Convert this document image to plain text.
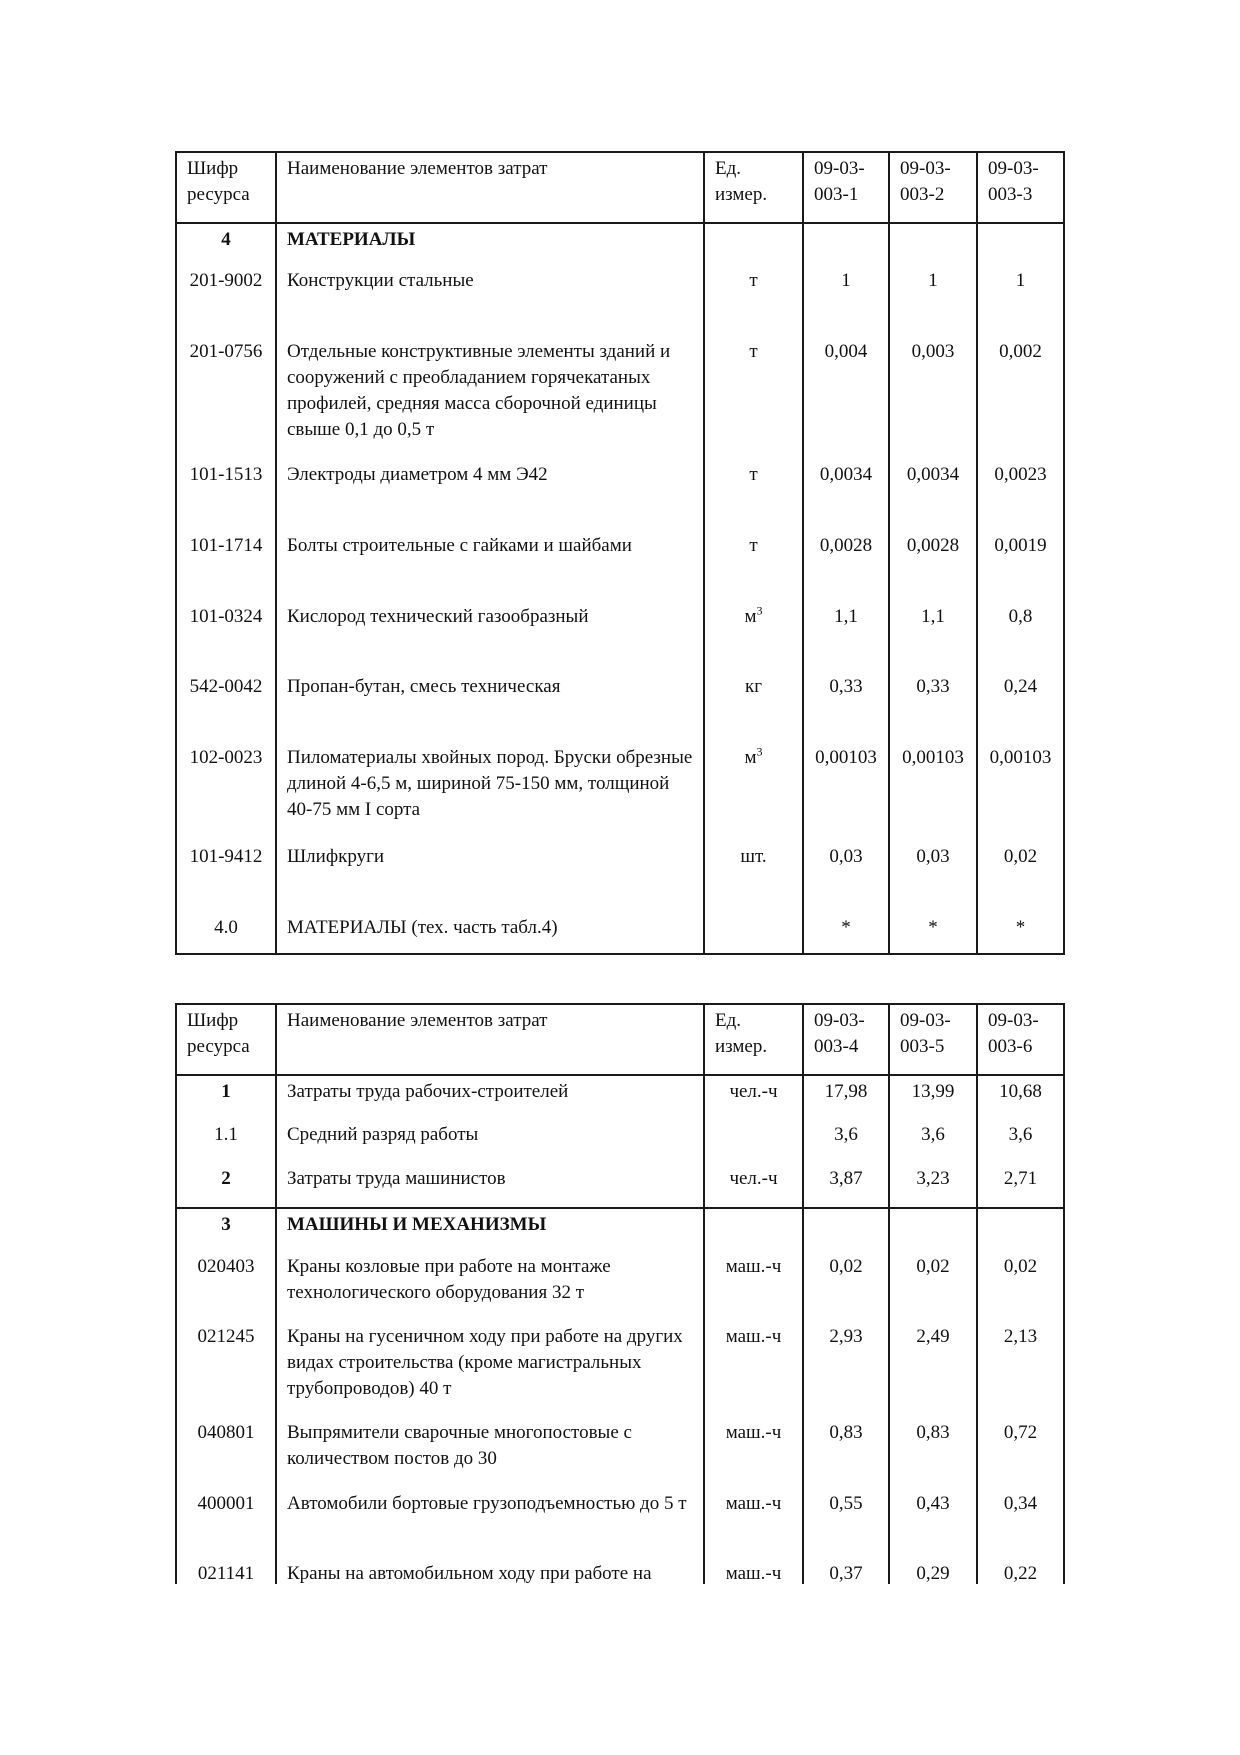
Шифр ресурса	Наименование элементов затрат	Ед. измер.	09-03-003-1	09-03-003-2	09-03-003-3
4	МАТЕРИАЛЫ				
201-9002	Конструкции стальные	т	1	1	1
201-0756	Отдельные конструктивные элементы зданий и сооружений с преобладанием горячекатаных профилей, средняя масса сборочной единицы свыше 0,1 до 0,5 т	т	0,004	0,003	0,002
101-1513	Электроды диаметром 4 мм Э42	т	0,0034	0,0034	0,0023
101-1714	Болты строительные с гайками и шайбами	т	0,0028	0,0028	0,0019
101-0324	Кислород технический газообразный	$м^3$	1,1	1,1	0,8
542-0042	Пропан-бутан, смесь техническая	кг	0,33	0,33	0,24
102-0023	Пиломатериалы хвойных пород. Бруски обрезные длиной 4-6,5 м, шириной 75-150 мм, толщиной 40-75 мм I сорта	$м^3$	0,00103	0,00103	0,00103
101-9412	Шлифкруги	шт.	0,03	0,03	0,02
4.0	МАТЕРИАЛЫ (тех. часть табл.4)		*	*	*
Шифр ресурса	Наименование элементов затрат	Ед. измер.	09-03-003-4	09-03-003-5	09-03-003-6
1	Затраты труда рабочих-строителей	чел.-ч	17,98	13,99	10,68
1.1	Средний разряд работы		3,6	3,6	3,6
2	Затраты труда машинистов	чел.-ч	3,87	3,23	2,71
3	МАШИНЫ И МЕХАНИЗМЫ				
020403	Краны козловые при работе на монтаже технологического оборудования 32 т	маш.-ч	0,02	0,02	0,02
021245	Краны на гусеничном ходу при работе на других видах строительства (кроме магистральных трубопроводов) 40 т	маш.-ч	2,93	2,49	2,13
040801	Выпрямители сварочные многопостовые с количеством постов до 30	маш.-ч	0,83	0,83	0,72
400001	Автомобили бортовые грузоподъемностью до 5 т	маш.-ч	0,55	0,43	0,34
021141	Краны на автомобильном ходу при работе на	маш.-ч	0,37	0,29	0,22
